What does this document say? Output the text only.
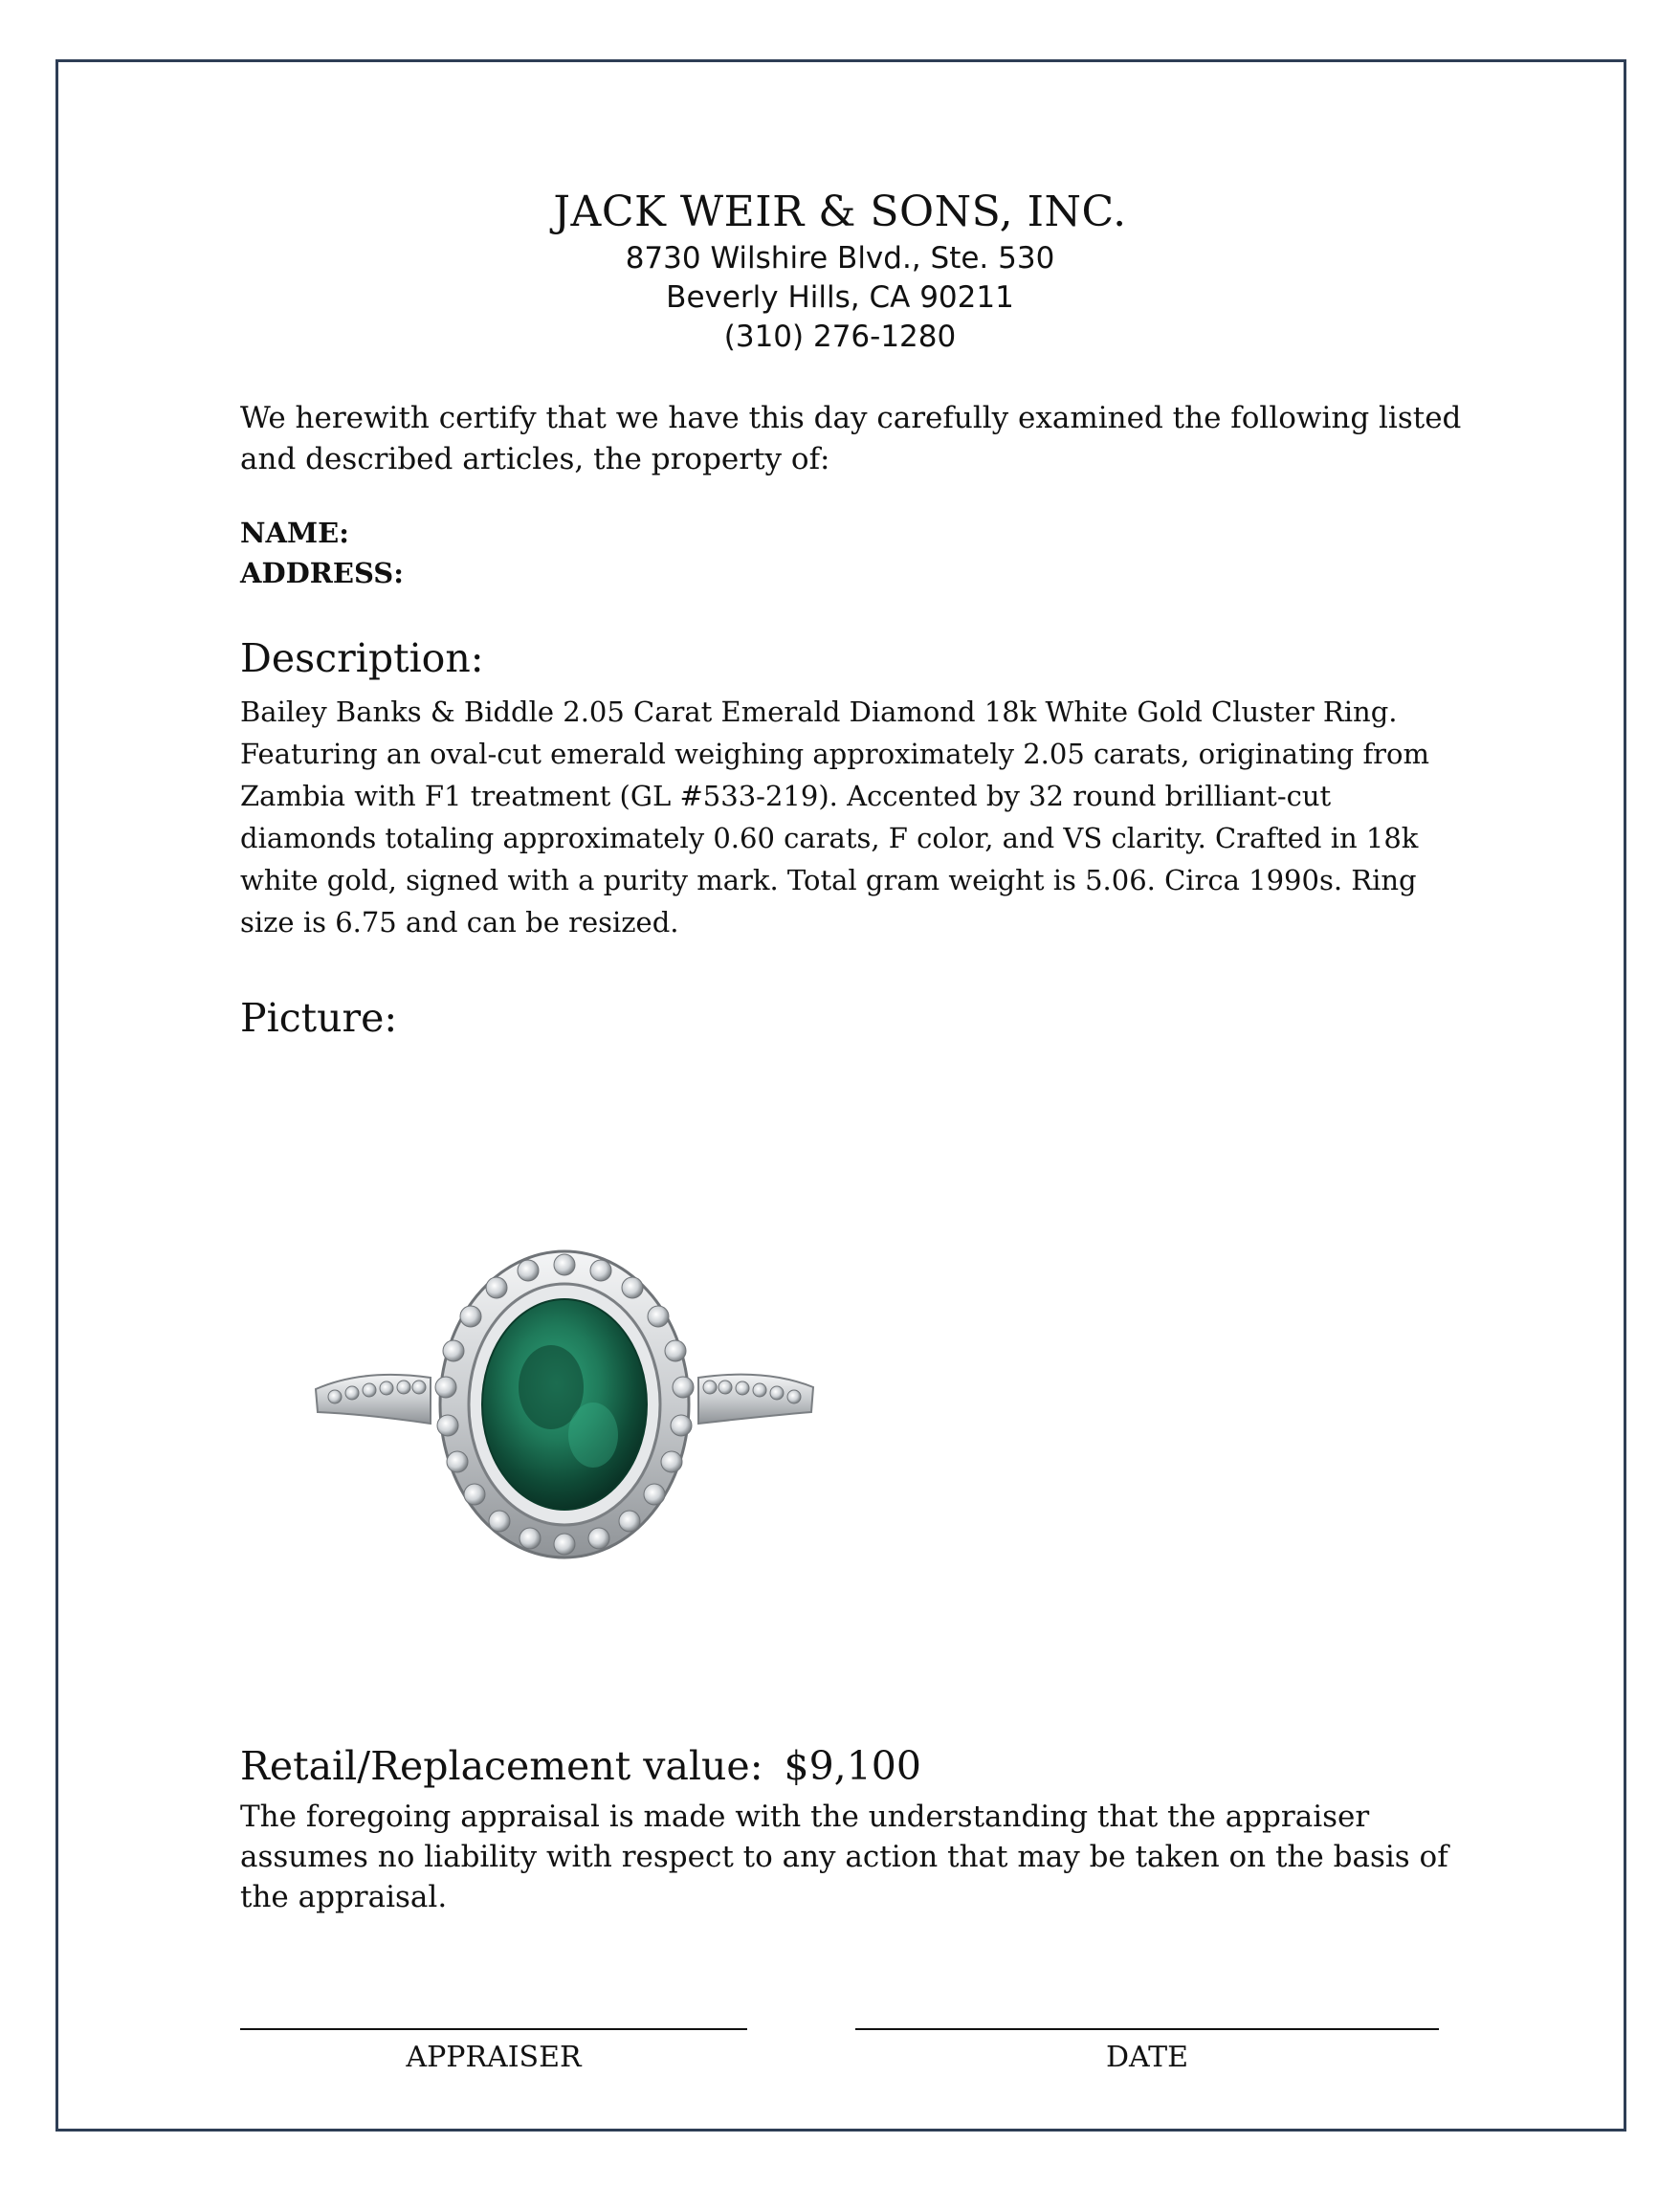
JACK WEIR & SONS, INC.
8730 Wilshire Blvd., Ste. 530
Beverly Hills, CA 90211
(310) 276-1280
We herewith certify that we have this day carefully examined the following listed and described articles, the property of:
NAME:
ADDRESS:
Description:
Bailey Banks & Biddle 2.05 Carat Emerald Diamond 18k White Gold Cluster Ring. Featuring an oval-cut emerald weighing approximately 2.05 carats, originating from Zambia with F1 treatment (GL #533-219). Accented by 32 round brilliant-cut diamonds totaling approximately 0.60 carats, F color, and VS clarity. Crafted in 18k white gold, signed with a purity mark. Total gram weight is 5.06. Circa 1990s. Ring size is 6.75 and can be resized.
Picture:
Retail/Replacement value: $9,100
The foregoing appraisal is made with the understanding that the appraiser assumes no liability with respect to any action that may be taken on the basis of the appraisal.
APPRAISER	DATE
